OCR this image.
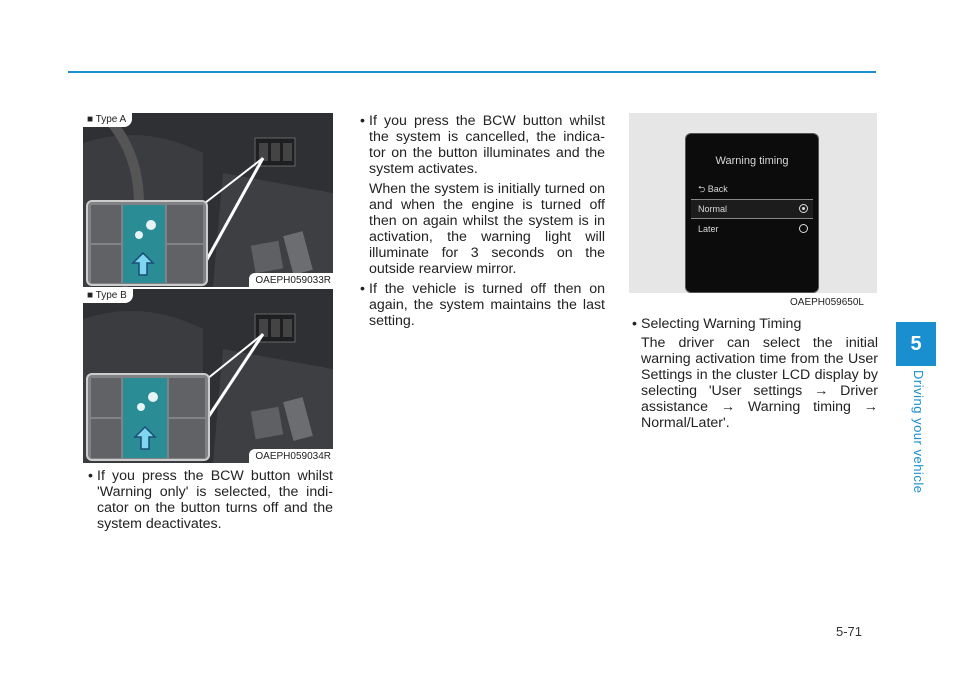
■ Type A
OAEPH059033R
■ Type B
OAEPH059034R
Warning timing
⮌ Back
Normal
Later
OAEPH059650L

• If you press the BCW button whilst 'Warning only' is selected, the indi- cator on the button turns off and the system deactivates.

• If you press the BCW button whilst the system is cancelled, the indica- tor on the button illuminates and the system activates.

When the system is initially turned on and when the engine is turned off then on again whilst the system is in activation, the warning light will illuminate for 3 seconds on the outside rearview mirror.

• If the vehicle is turned off then on again, the system maintains the last setting.

•	Selecting Warning Timing

The driver can select the initial warning activation time from the User Settings in the cluster LCD display by selecting 'User settings → Driver assistance → Warning timing → Normal/Later'.

5
Driving your vehicle
5-71
